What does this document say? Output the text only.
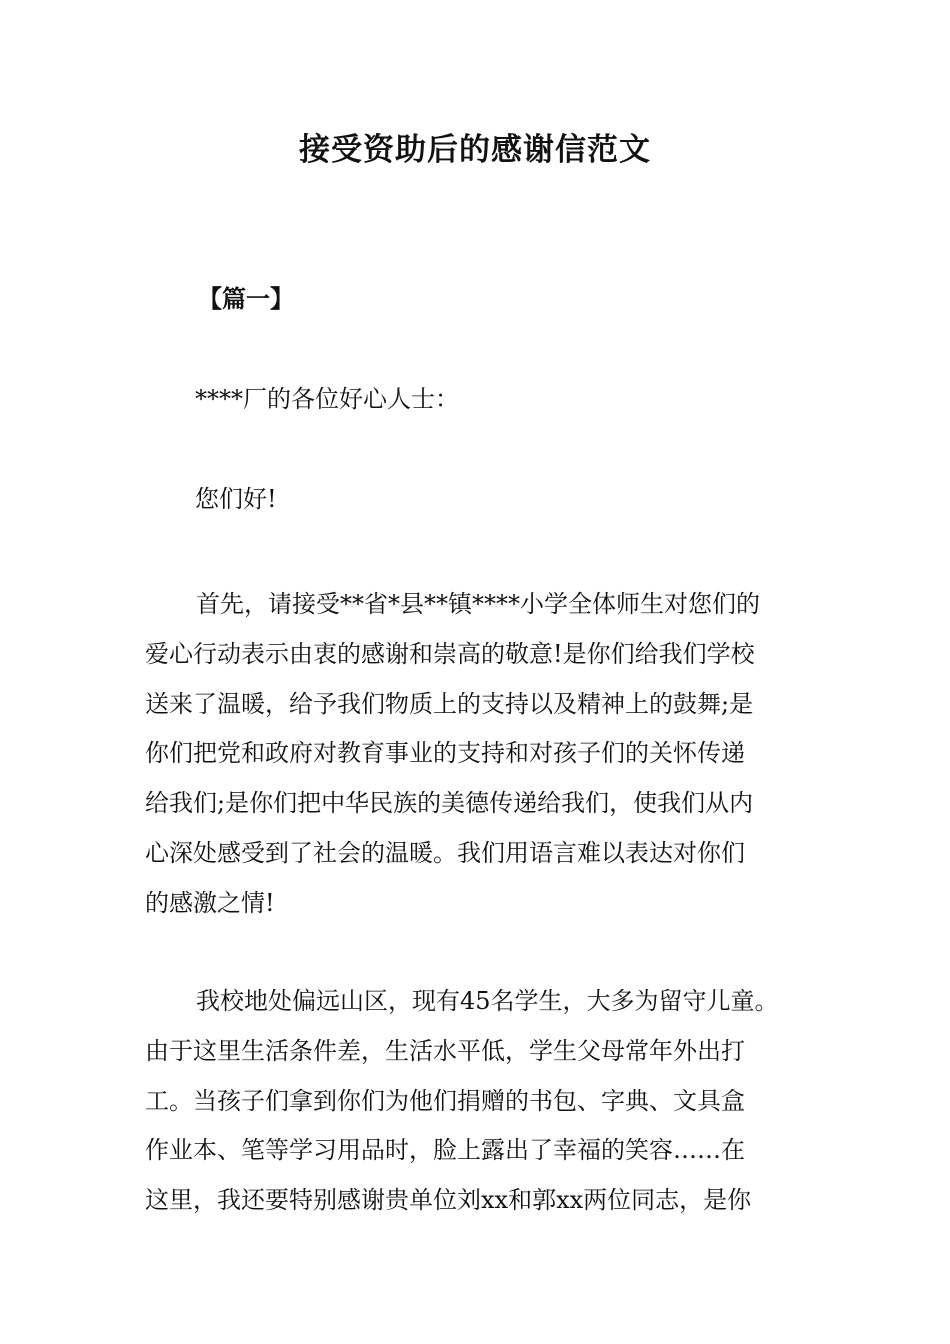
接受资助后的感谢信范文
【篇一】
****厂的各位好心人士：
您们好!
首先，请接受**省*县**镇****小学全体师生对您们的
爱心行动表示由衷的感谢和崇高的敬意!是你们给我们学校
送来了温暖，给予我们物质上的支持以及精神上的鼓舞;是
你们把党和政府对教育事业的支持和对孩子们的关怀传递
给我们;是你们把中华民族的美德传递给我们，使我们从内
心深处感受到了社会的温暖。我们用语言难以表达对你们
的感激之情!
我校地处偏远山区，现有45名学生，大多为留守儿童。
由于这里生活条件差，生活水平低，学生父母常年外出打
工。当孩子们拿到你们为他们捐赠的书包、字典、文具盒
作业本、笔等学习用品时，脸上露出了幸福的笑容……在
这里，我还要特别感谢贵单位刘xx和郭xx两位同志，是你
